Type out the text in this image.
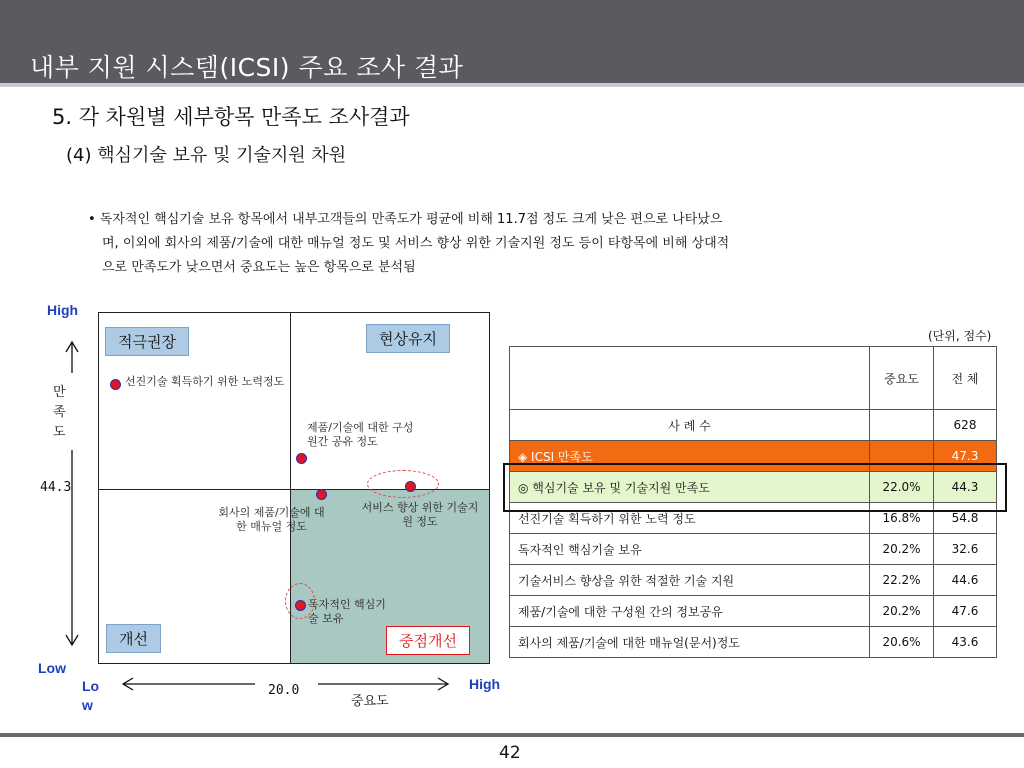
내부 지원 시스템(ICSI) 주요 조사 결과
5. 각 차원별 세부항목 만족도 조사결과
(4) 핵심기술 보유 및 기술지원 차원
• 독자적인 핵심기술 보유 항목에서 내부고객들의 만족도가 평균에 비해 11.7점 정도 크게 낮은 편으로 나타났으
며, 이외에 회사의 제품/기술에 대한 매뉴얼 정도 및 서비스 향상 위한 기술지원 정도 등이 타항목에 비해 상대적
으로 만족도가 낮으면서 중요도는 높은 항목으로 분석됨
High
Low
Lo w
High
만
족
도
44.3
20.0
중요도
적극권장	현상유지
개선	중점개선
선진기술 획득하기 위한 노력정도
제품/기술에 대한 구성원간 공유 정도
회사의 제품/기술에 대한 매뉴얼 정도
서비스 향상 위한 기술지원 정도
독자적인 핵심기술 보유
(단위, 점수)
	중요도	전 체
사 례 수		628
◈ ICSI 만족도		47.3
◎ 핵심기술 보유 및 기술지원 만족도	22.0%	44.3
선진기술 획득하기 위한 노력 정도	16.8%	54.8
독자적인 핵심기술 보유	20.2%	32.6
기술서비스 향상을 위한 적절한 기술 지원	22.2%	44.6
제품/기술에 대한 구성원 간의 정보공유	20.2%	47.6
회사의 제품/기술에 대한 매뉴얼(문서)정도	20.6%	43.6
42
